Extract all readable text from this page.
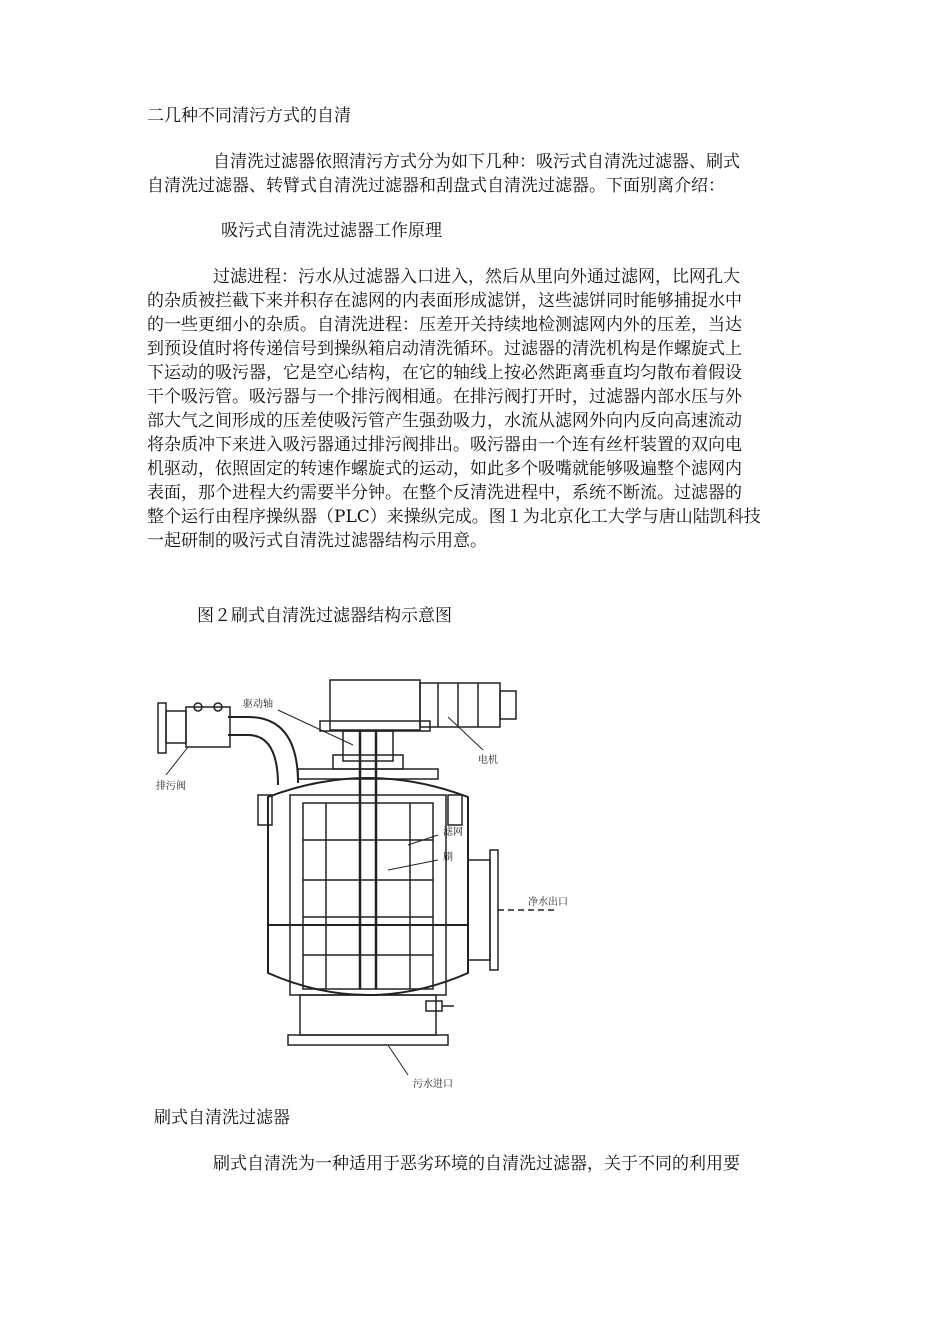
二几种不同清污方式的自清
自清洗过滤器依照清污方式分为如下几种：吸污式自清洗过滤器、刷式
自清洗过滤器、转臂式自清洗过滤器和刮盘式自清洗过滤器。下面别离介绍：
吸污式自清洗过滤器工作原理
过滤进程：污水从过滤器入口进入，然后从里向外通过滤网，比网孔大
的杂质被拦截下来并积存在滤网的内表面形成滤饼，这些滤饼同时能够捕捉水中
的一些更细小的杂质。自清洗进程：压差开关持续地检测滤网内外的压差，当达
到预设值时将传递信号到操纵箱启动清洗循环。过滤器的清洗机构是作螺旋式上
下运动的吸污器，它是空心结构，在它的轴线上按必然距离垂直均匀散布着假设
干个吸污管。吸污器与一个排污阀相通。在排污阀打开时，过滤器内部水压与外
部大气之间形成的压差使吸污管产生强劲吸力，水流从滤网外向内反向高速流动
将杂质冲下来进入吸污器通过排污阀排出。吸污器由一个连有丝杆装置的双向电
机驱动，依照固定的转速作螺旋式的运动，如此多个吸嘴就能够吸遍整个滤网内
表面，那个进程大约需要半分钟。在整个反清洗进程中，系统不断流。过滤器的
整个运行由程序操纵器（PLC）来操纵完成。图１为北京化工大学与唐山陆凯科技
一起研制的吸污式自清洗过滤器结构示用意。
图２刷式自清洗过滤器结构示意图
驱动轴
电机
排污阀
滤网
刷
净水出口
污水进口
刷式自清洗过滤器
刷式自清洗为一种适用于恶劣环境的自清洗过滤器，关于不同的利用要
